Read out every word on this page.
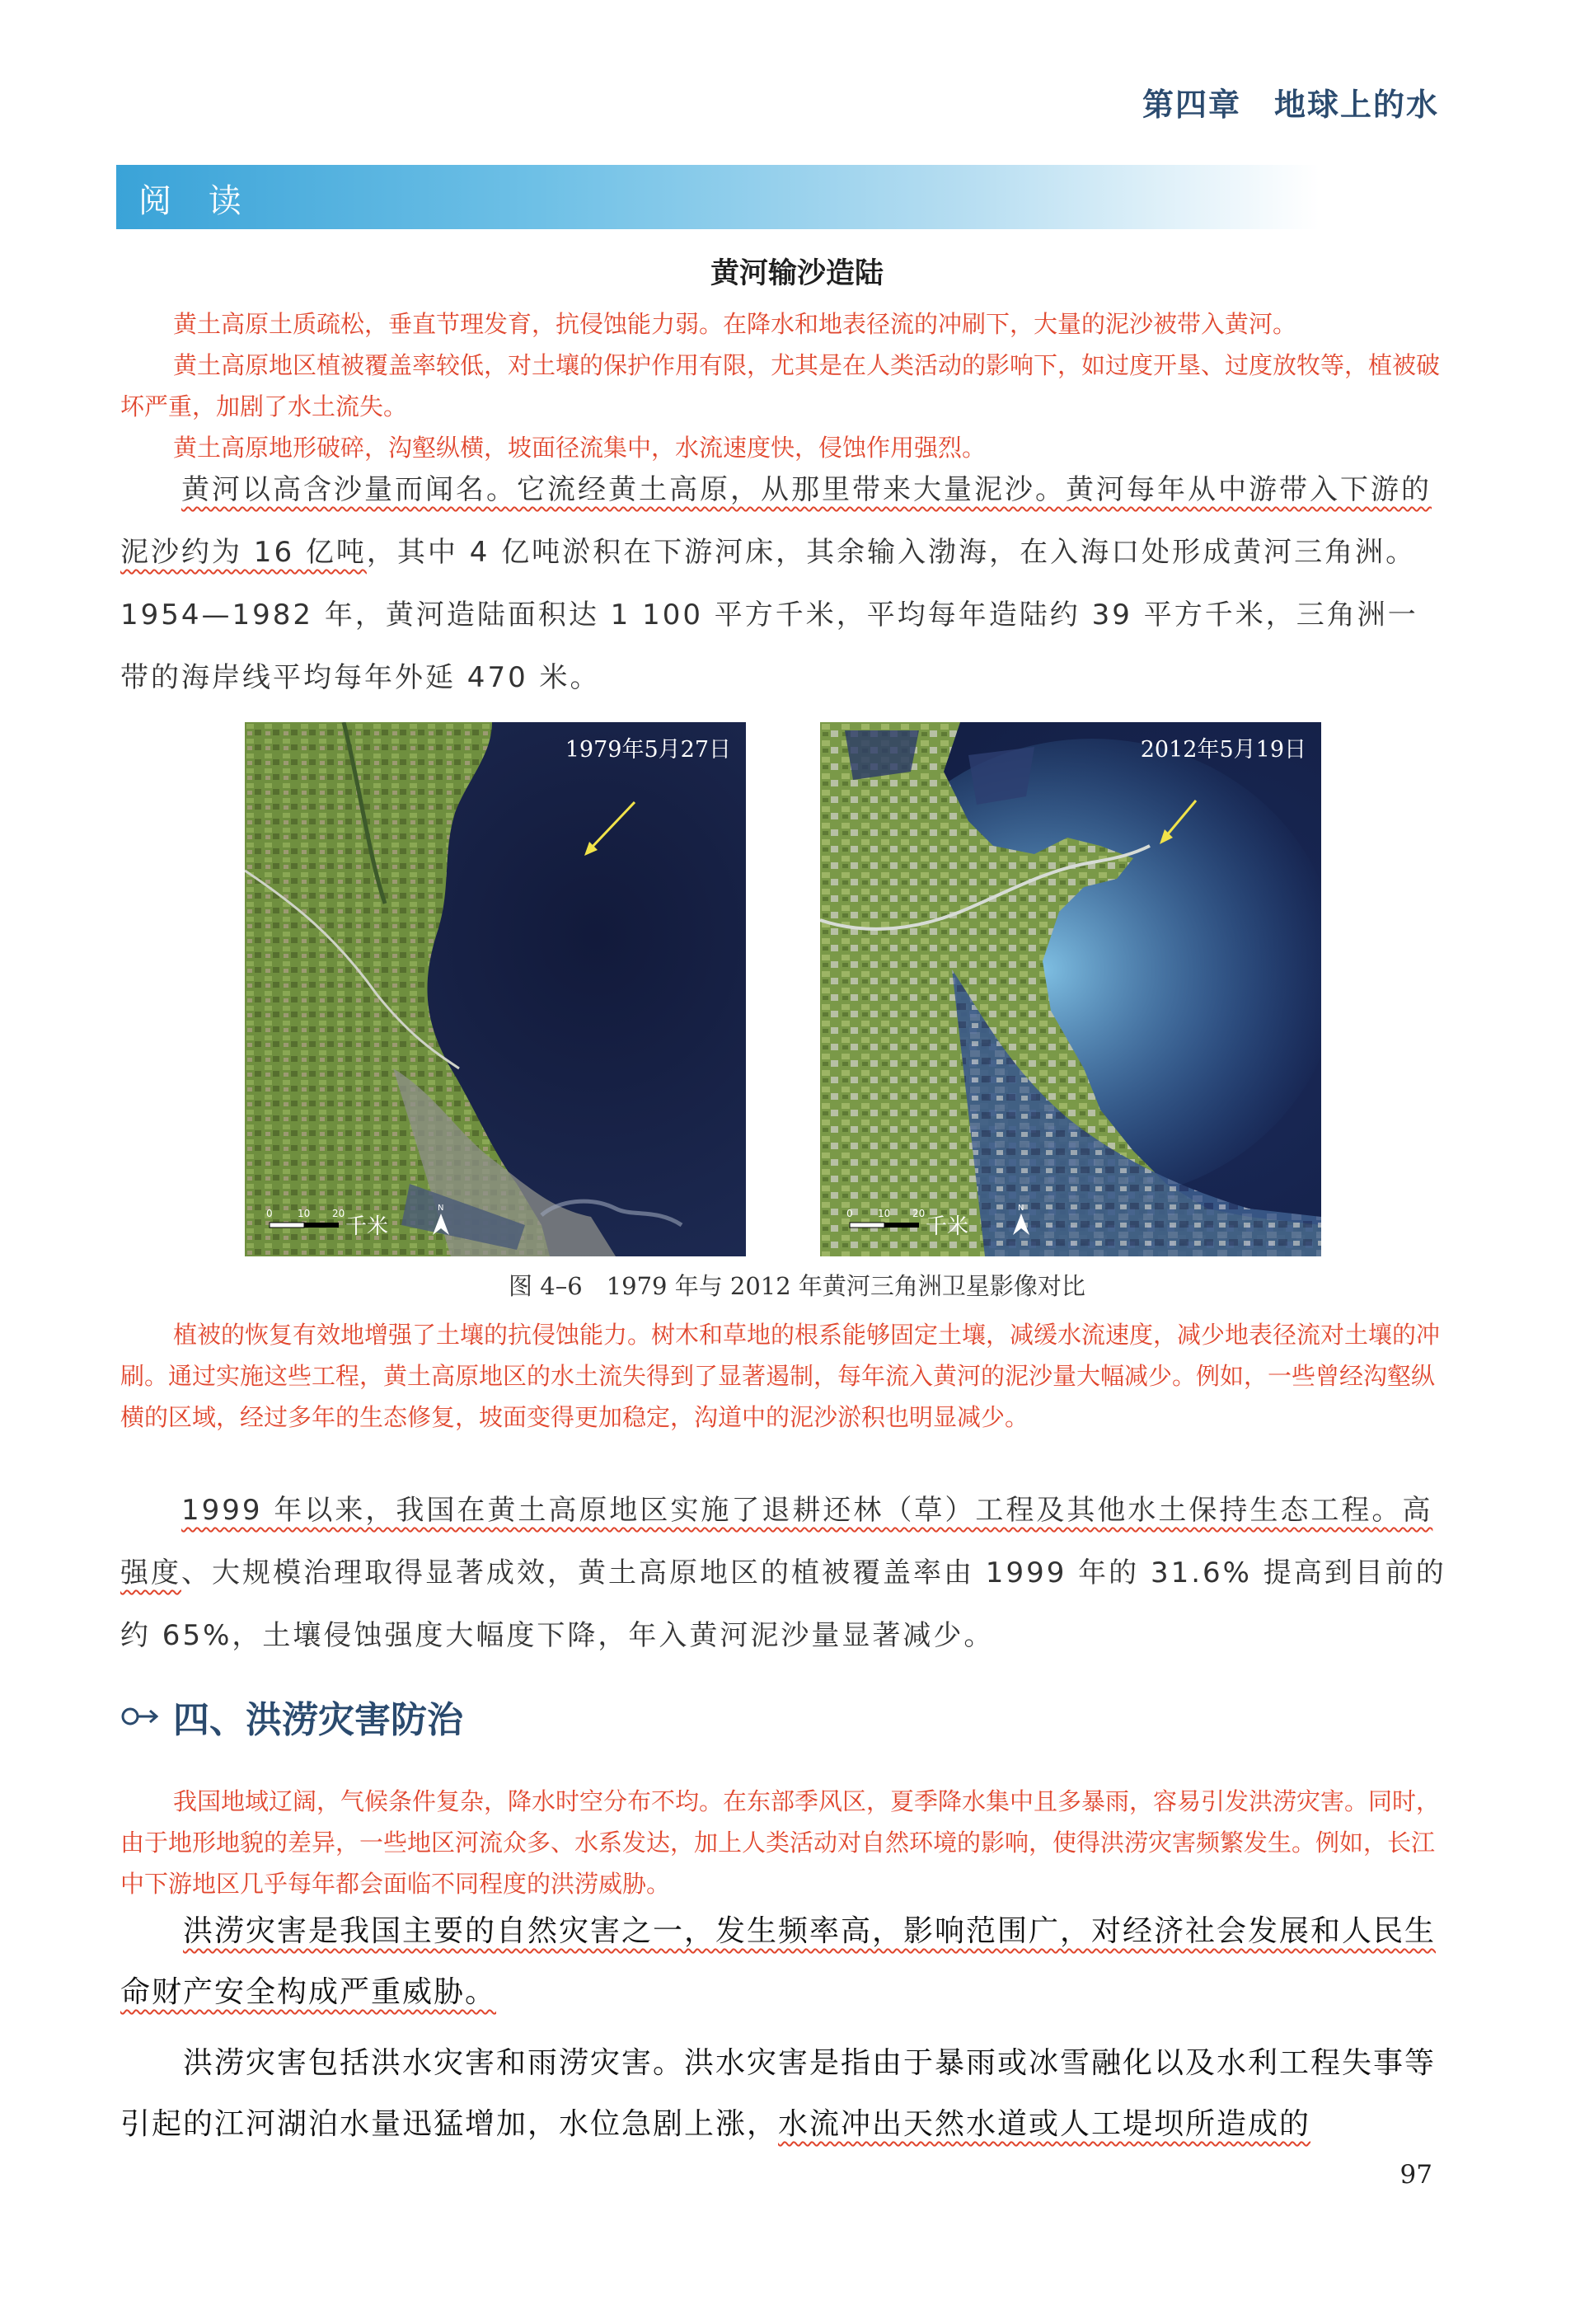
第四章　地球上的水
阅 读
黄河输沙造陆

黄土高原土质疏松，垂直节理发育，抗侵蚀能力弱。在降水和地表径流的冲刷下，大量的泥沙被带入黄河。

黄土高原地区植被覆盖率较低，对土壤的保护作用有限，尤其是在人类活动的影响下，如过度开垦、过度放牧等，植被破坏严重，加剧了水土流失。

黄土高原地形破碎，沟壑纵横，坡面径流集中，水流速度快，侵蚀作用强烈。

黄河以高含沙量而闻名。它流经黄土高原，从那里带来大量泥沙。黄河每年从中游带入下游的泥沙约为 16 亿吨，其中 4 亿吨淤积在下游河床，其余输入渤海，在入海口处形成黄河三角洲。1954—1982 年，黄河造陆面积达 1 100 平方千米，平均每年造陆约 39 平方千米，三角洲一带的海岸线平均每年外延 470 米。

1979年5月27日
0	10 20
千米
N
2012年5月19日
0	10 20
千米
N
图 4–6　1979 年与 2012 年黄河三角洲卫星影像对比

植被的恢复有效地增强了土壤的抗侵蚀能力。树木和草地的根系能够固定土壤，减缓水流速度，减少地表径流对土壤的冲刷。通过实施这些工程，黄土高原地区的水土流失得到了显著遏制，每年流入黄河的泥沙量大幅减少。例如，一些曾经沟壑纵横的区域，经过多年的生态修复，坡面变得更加稳定，沟道中的泥沙淤积也明显减少。

1999 年以来，我国在黄土高原地区实施了退耕还林（草）工程及其他水土保持生态工程。高强度、大规模治理取得显著成效，黄土高原地区的植被覆盖率由 1999 年的 31.6% 提高到目前的约 65%，土壤侵蚀强度大幅度下降，年入黄河泥沙量显著减少。

四、洪涝灾害防治

我国地域辽阔，气候条件复杂，降水时空分布不均。在东部季风区，夏季降水集中且多暴雨，容易引发洪涝灾害。同时，由于地形地貌的差异，一些地区河流众多、水系发达，加上人类活动对自然环境的影响，使得洪涝灾害频繁发生。例如，长江中下游地区几乎每年都会面临不同程度的洪涝威胁。

洪涝灾害是我国主要的自然灾害之一，发生频率高，影响范围广，对经济社会发展和人民生命财产安全构成严重威胁。

洪涝灾害包括洪水灾害和雨涝灾害。洪水灾害是指由于暴雨或冰雪融化以及水利工程失事等引起的江河湖泊水量迅猛增加，水位急剧上涨，水流冲出天然水道或人工堤坝所造成的

97
